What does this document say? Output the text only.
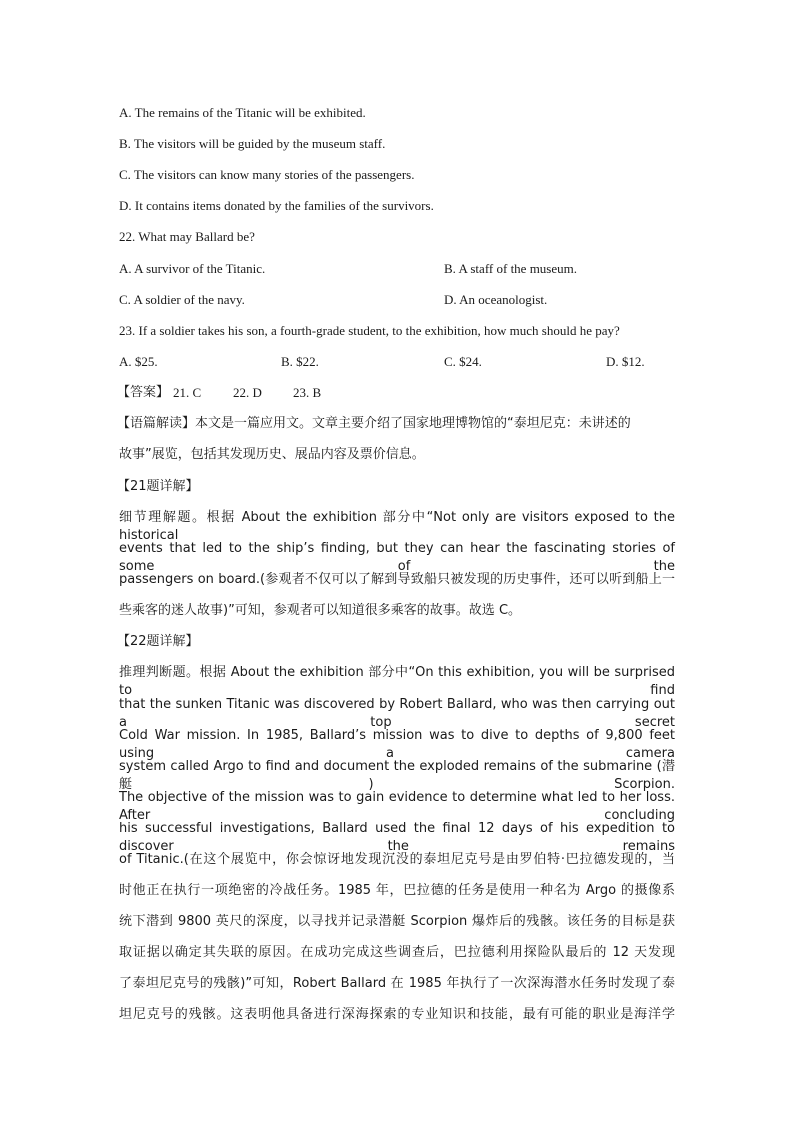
A. The remains of the Titanic will be exhibited.
B. The visitors will be guided by the museum staff.
C. The visitors can know many stories of the passengers.
D. It contains items donated by the families of the survivors.
22. What may Ballard be?
A. A survivor of the Titanic.	B. A staff of the museum.
C. A soldier of the navy.	D. An oceanologist.
23. If a soldier takes his son, a fourth-grade student, to the exhibition, how much should he pay?
A. $25.	B. $22.	C. $24.	D. $12.
【答案】 21. C 22. D 23. B
【语篇解读】本文是一篇应用文。文章主要介绍了国家地理博物馆的“泰坦尼克：未讲述的
故事”展览，包括其发现历史、展品内容及票价信息。
【21题详解】
细节理解题。根据 About the exhibition 部分中“Not only are visitors exposed to the historical
events that led to the ship’s finding, but they can hear the fascinating stories of some of the
passengers on board.(参观者不仅可以了解到导致船只被发现的历史事件，还可以听到船上一
些乘客的迷人故事)”可知，参观者可以知道很多乘客的故事。故选 C。
【22题详解】
推理判断题。根据 About the exhibition 部分中“On this exhibition, you will be surprised to find
that the sunken Titanic was discovered by Robert Ballard, who was then carrying out a top secret
Cold War mission. In 1985, Ballard’s mission was to dive to depths of 9,800 feet using a camera
system called Argo to find and document the exploded remains of the submarine (潜艇) Scorpion.
The objective of the mission was to gain evidence to determine what led to her loss. After concluding
his successful investigations, Ballard used the final 12 days of his expedition to discover the remains
of Titanic.(在这个展览中，你会惊讶地发现沉没的泰坦尼克号是由罗伯特·巴拉德发现的，当
时他正在执行一项绝密的冷战任务。1985 年，巴拉德的任务是使用一种名为 Argo 的摄像系
统下潜到 9800 英尺的深度，以寻找并记录潜艇 Scorpion 爆炸后的残骸。该任务的目标是获
取证据以确定其失联的原因。在成功完成这些调查后，巴拉德利用探险队最后的 12 天发现
了泰坦尼克号的残骸)”可知，Robert Ballard 在 1985 年执行了一次深海潜水任务时发现了泰
坦尼克号的残骸。这表明他具备进行深海探索的专业知识和技能，最有可能的职业是海洋学
